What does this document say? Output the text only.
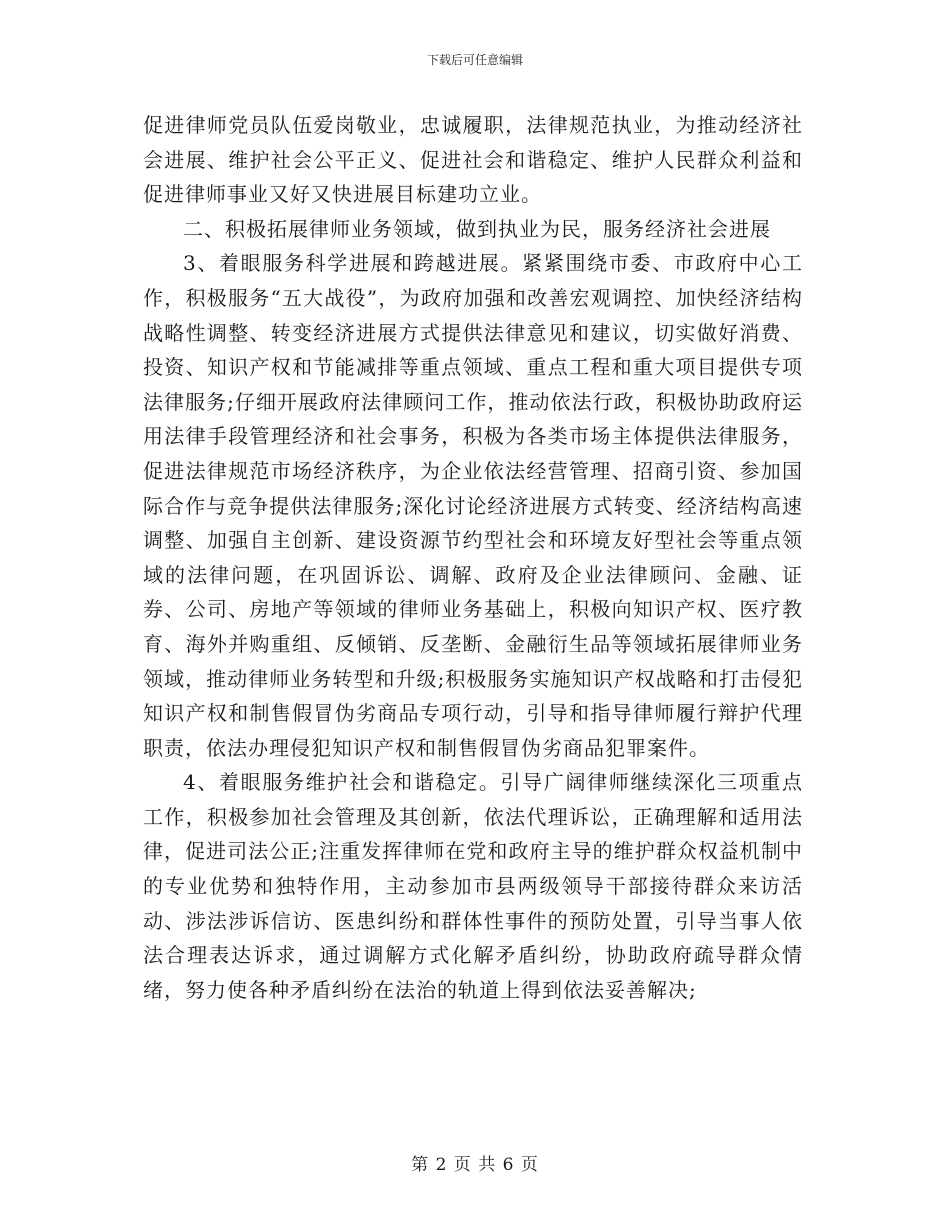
下载后可任意编辑

促进律师党员队伍爱岗敬业，忠诚履职，法律规范执业，为推动经济社会进展、维护社会公平正义、促进社会和谐稳定、维护人民群众利益和促进律师事业又好又快进展目标建功立业。

二、积极拓展律师业务领域，做到执业为民，服务经济社会进展

3、着眼服务科学进展和跨越进展。紧紧围绕市委、市政府中心工作，积极服务“五大战役”，为政府加强和改善宏观调控、加快经济结构战略性调整、转变经济进展方式提供法律意见和建议，切实做好消费、投资、知识产权和节能减排等重点领域、重点工程和重大项目提供专项法律服务;仔细开展政府法律顾问工作，推动依法行政，积极协助政府运用法律手段管理经济和社会事务，积极为各类市场主体提供法律服务，促进法律规范市场经济秩序，为企业依法经营管理、招商引资、参加国际合作与竞争提供法律服务;深化讨论经济进展方式转变、经济结构高速调整、加强自主创新、建设资源节约型社会和环境友好型社会等重点领域的法律问题，在巩固诉讼、调解、政府及企业法律顾问、金融、证券、公司、房地产等领域的律师业务基础上，积极向知识产权、医疗教育、海外并购重组、反倾销、反垄断、金融衍生品等领域拓展律师业务领域，推动律师业务转型和升级;积极服务实施知识产权战略和打击侵犯知识产权和制售假冒伪劣商品专项行动，引导和指导律师履行辩护代理职责，依法办理侵犯知识产权和制售假冒伪劣商品犯罪案件。

4、着眼服务维护社会和谐稳定。引导广阔律师继续深化三项重点工作，积极参加社会管理及其创新，依法代理诉讼，正确理解和适用法律，促进司法公正;注重发挥律师在党和政府主导的维护群众权益机制中的专业优势和独特作用，主动参加市县两级领导干部接待群众来访活动、涉法涉诉信访、医患纠纷和群体性事件的预防处置，引导当事人依法合理表达诉求，通过调解方式化解矛盾纠纷，协助政府疏导群众情绪，努力使各种矛盾纠纷在法治的轨道上得到依法妥善解决;

第 2 页 共 6 页
